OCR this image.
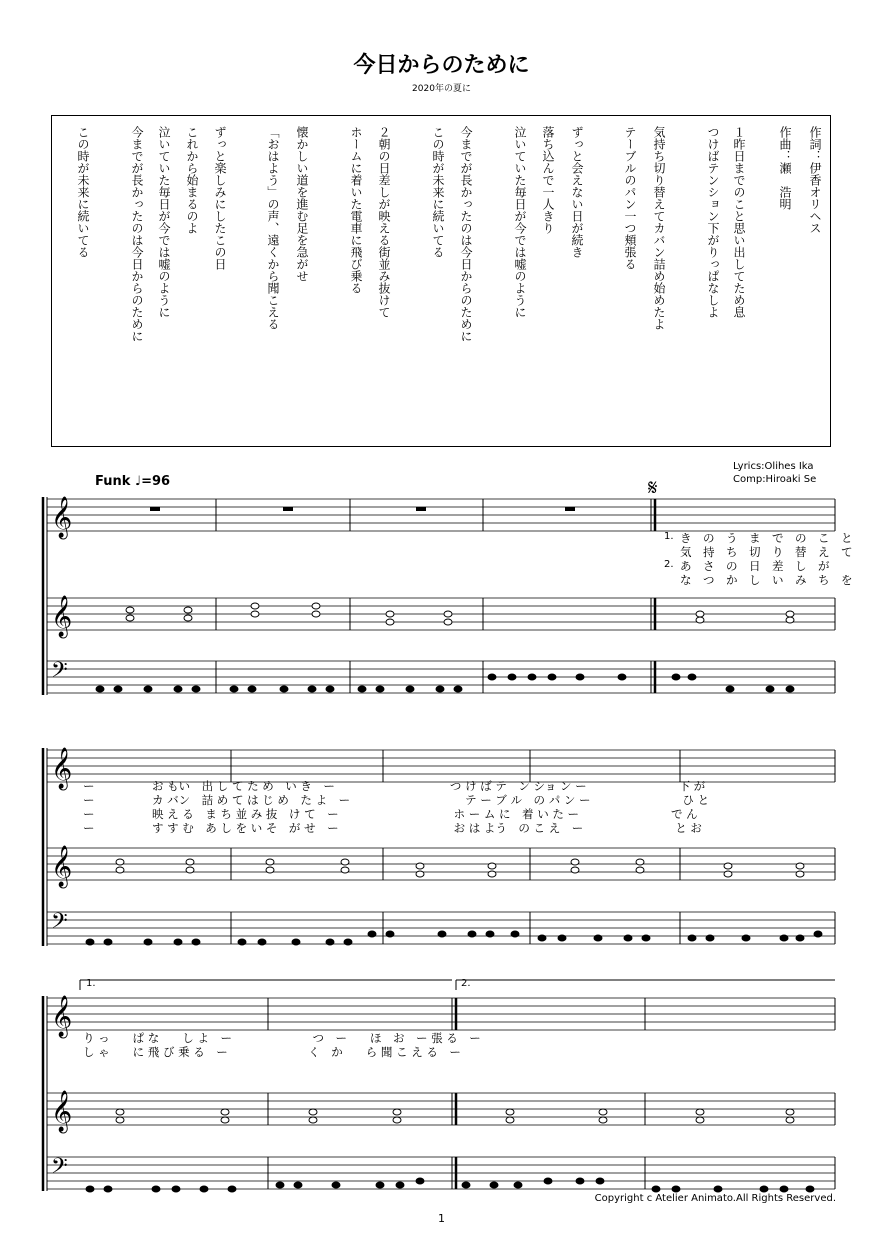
今日からのために
2020年の夏に
作詞：伊香オリヘス
作曲：瀬　浩明
１昨日までのこと思い出してため息
つけばテンション下がりっぱなしよ
気持ち切り替えてカバン詰め始めたよ
テーブルのパン一つ頬張る
ずっと会えない日が続き
落ち込んで一人きり
泣いていた毎日が今では嘘のように
今までが長かったのは今日からのために
この時が未来に続いてる
２朝の日差しが映える街並み抜けて
ホームに着いた電車に飛び乗る
懐かしい道を進む足を急がせ
「おはよう」の声、遠くから聞こえる
ずっと楽しみにしたこの日
これから始まるのよ
泣いていた毎日が今では嘘のように
今までが長かったのは今日からのために
この時が未来に続いてる
Funk ♩=96
Lyrics:Olihes Ika
Comp:Hiroaki Se
𝄋
𝄞
𝄞
𝄢
𝄞
𝄞
𝄢
𝄞
𝄞
𝄢
1.
2.
き　の　う　ま　で　の　こ　と
気　持　ち　切　り　替　え　て
あ　さ　の　日　差　し　が
な　つ　か　し　い　み　ち　を
ー　　　　　お もい　出 し て た め　い き　ー　　　　　　　　　　つ け ば テ　ン ショ ン ー　　　　　　　　下 が
ー　　　　　カ バン　詰 め て は じ め　た よ　ー　　　　　　　　　　テ ー ブ ル　の パ ン ー　　　　　　　　ひ と
ー　　　　　映 え る　ま ち 並 み 抜　け て　ー　　　　　　　　　　ホ ー ム に　着 い た ー　　　　　　　　で ん
ー　　　　　す す む　あ し を い そ　が せ　ー　　　　　　　　　　お は よう　の こ え　ー　　　　　　　　と お
1.	2.
り っ　　ぱ な　　し よ　ー　　　　　　　つ　ー　　ほ　お　ー 張 る　ー
し ゃ　　に 飛 び 乗 る　ー　　　　　　　く　か　　ら 聞 こ え る　ー
Copyright c Atelier Animato.All Rights Reserved.
1
